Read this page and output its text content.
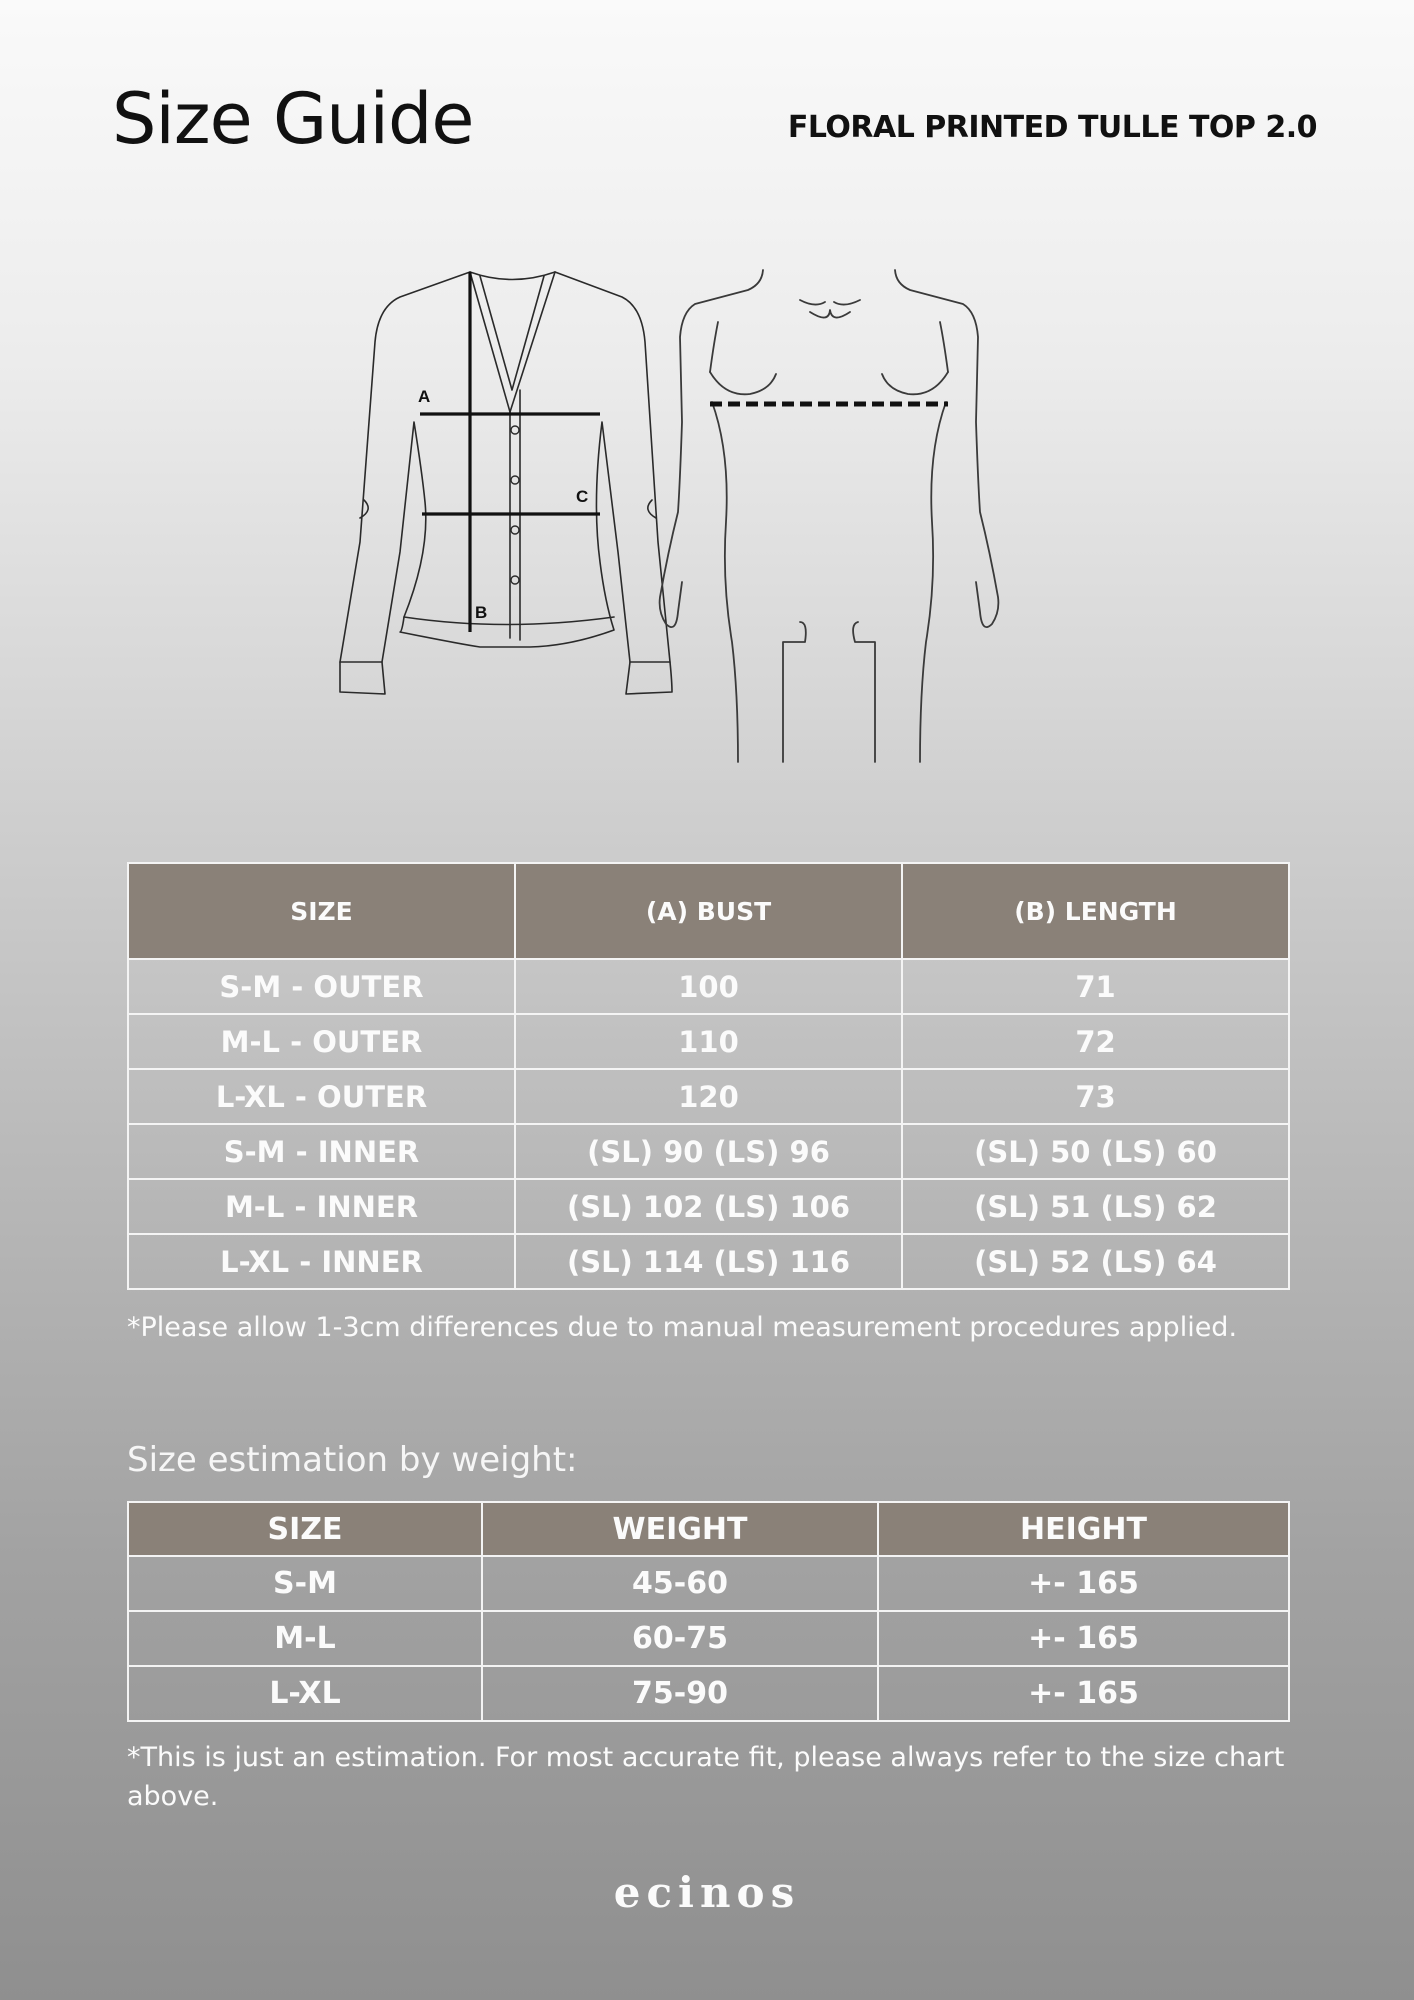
Size Guide	FLORAL PRINTED TULLE TOP 2.0
A
B
C
SIZE	(A) BUST	(B) LENGTH
S-M - OUTER	100	71
M-L - OUTER	110	72
L-XL - OUTER	120	73
S-M - INNER	(SL) 90 (LS) 96	(SL) 50 (LS) 60
M-L - INNER	(SL) 102 (LS) 106	(SL) 51 (LS) 62
L-XL - INNER	(SL) 114 (LS) 116	(SL) 52 (LS) 64
*Please allow 1-3cm differences due to manual measurement procedures applied.
Size estimation by weight:
SIZE	WEIGHT	HEIGHT
S-M	45-60	+- 165
M-L	60-75	+- 165
L-XL	75-90	+- 165
*This is just an estimation. For most accurate fit, please always refer to the size chart above.
ecinos
